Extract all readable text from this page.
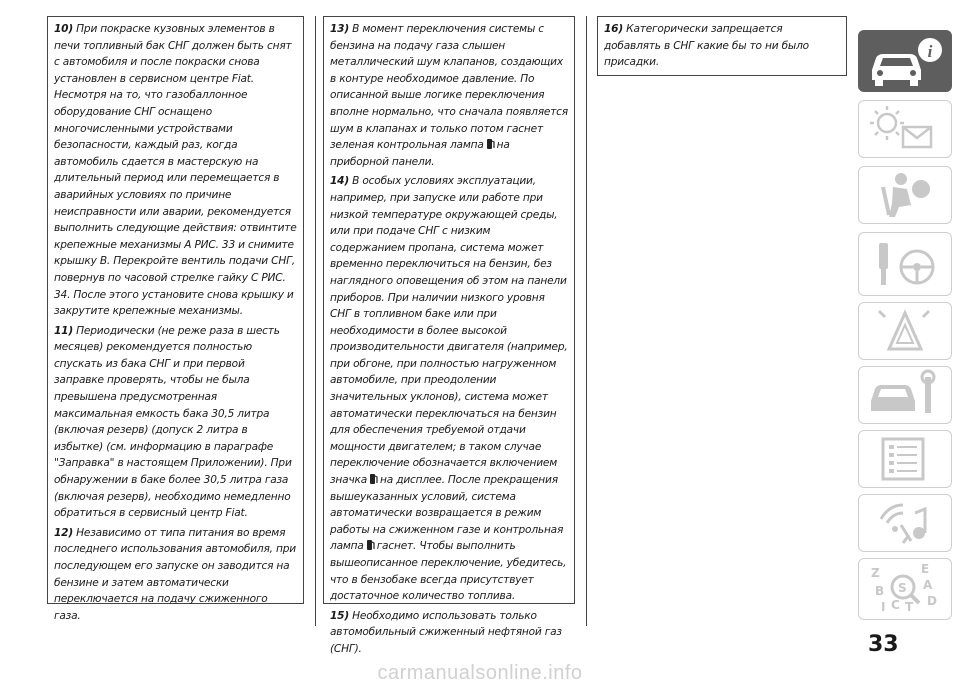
10) При покраске кузовных элементов в печи топливный бак СНГ должен быть снят с автомобиля и после покраски снова установлен в сервисном центре Fiat. Несмотря на то, что газобаллонное оборудование СНГ оснащено многочисленными устройствами безопасности, каждый раз, когда автомобиль сдается в мастерскую на длительный период или перемещается в аварийных условиях по причине неисправности или аварии, рекомендуется выполнить следующие действия: отвинтите крепежные механизмы А РИС. 33 и снимите крышку B. Перекройте вентиль подачи СНГ, повернув по часовой стрелке гайку C РИС. 34. После этого установите снова крышку и закрутите крепежные механизмы.

11) Периодически (не реже раза в шесть месяцев) рекомендуется полностью спускать из бака СНГ и при первой заправке проверять, чтобы не была превышена предусмотренная максимальная емкость бака 30,5 литра (включая резерв) (допуск 2 литра в избытке) (см. информацию в параграфе "Заправка" в настоящем Приложении). При обнаружении в баке более 30,5 литра газа (включая резерв), необходимо немедленно обратиться в сервисный центр Fiat.

12) Независимо от типа питания во время последнего использования автомобиля, при последующем его запуске он заводится на бензине и затем автоматически переключается на подачу сжиженного газа.

13) В момент переключения системы с бензина на подачу газа слышен металлический шум клапанов, создающих в контуре необходимое давление. По описанной выше логике переключения вполне нормально, что сначала появляется шум в клапанах и только потом гаснет зеленая контрольная лампа на приборной панели.

14) В особых условиях эксплуатации, например, при запуске или работе при низкой температуре окружающей среды, или при подаче СНГ с низким содержанием пропана, система может временно переключиться на бензин, без наглядного оповещения об этом на панели приборов. При наличии низкого уровня СНГ в топливном баке или при необходимости в более высокой производительности двигателя (например, при обгоне, при полностью нагруженном автомобиле, при преодолении значительных уклонов), система может автоматически переключаться на бензин для обеспечения требуемой отдачи мощности двигателем; в таком случае переключение обозначается включением значка на дисплее. После прекращения вышеуказанных условий, система автоматически возвращается в режим работы на сжиженном газе и контрольная лампа гаснет. Чтобы выполнить вышеописанное переключение, убедитесь, что в бензобаке всегда присутствует достаточное количество топлива.

15) Необходимо использовать только автомобильный сжиженный нефтяной газ (СНГ).

16) Категорически запрещается добавлять в СНГ какие бы то ни было присадки.

i
Z	E
S A
B
D
I C T
33
carmanualsonline.info
